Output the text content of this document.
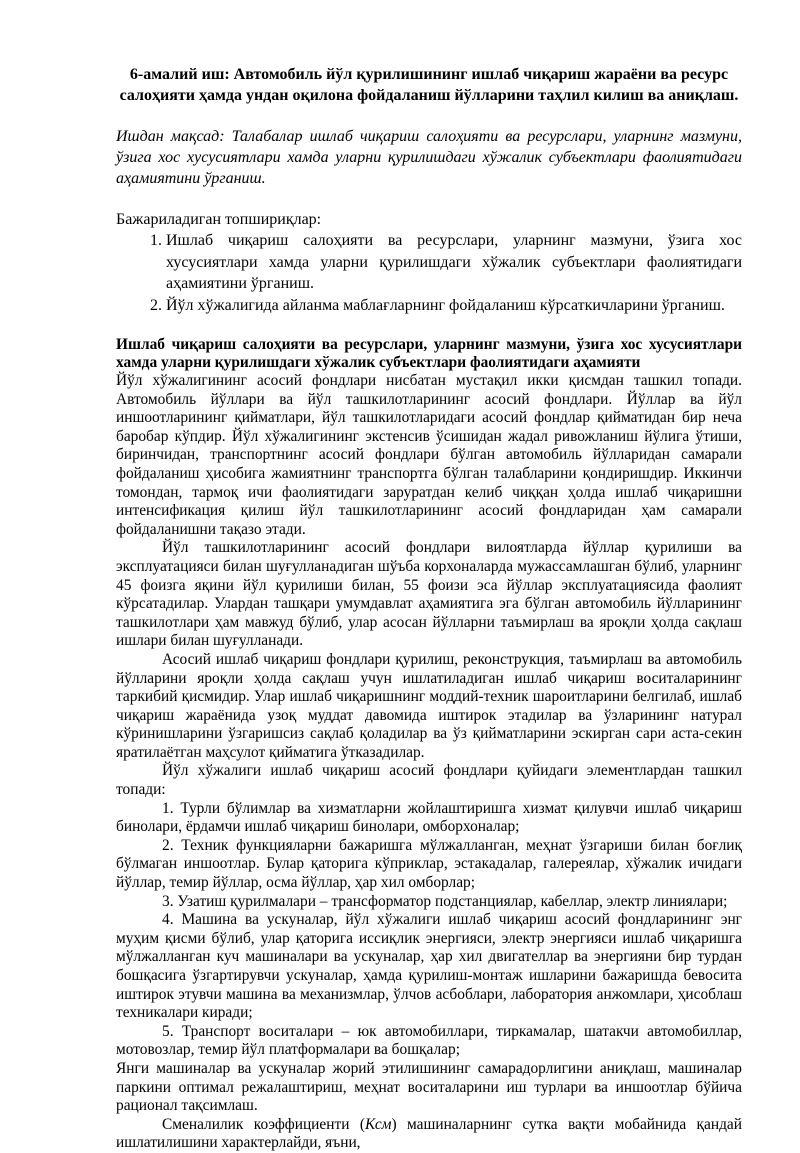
6-амалий иш: Автомобиль йўл қурилишининг ишлаб чиқариш жараёни ва ресурс салоҳияти ҳамда ундан оқилона фойдаланиш йўлларини таҳлил килиш ва аниқлаш.

Ишдан мақсад: Талабалар ишлаб чиқариш салоҳияти ва ресурслари, уларнинг мазмуни, ўзига хос хусусиятлари хамда уларни қурилишдаги хўжалик субъектлари фаолиятидаги аҳамиятини ўрганиш.

Бажариладиган топшириқлар:

1. Ишлаб чиқариш салоҳияти ва ресурслари, уларнинг мазмуни, ўзига хос хусусиятлари хамда уларни қурилишдаги хўжалик субъектлари фаолиятидаги аҳамиятини ўрганиш.
2. Йўл хўжалигида айланма маблағларнинг фойдаланиш кўрсаткичларини ўрганиш.

Ишлаб чиқариш салоҳияти ва ресурслари, уларнинг мазмуни, ўзига хос хусусиятлари хамда уларни қурилишдаги хўжалик субъектлари фаолиятидаги аҳамияти

Йўл хўжалигининг асосий фондлари нисбатан мустақил икки қисмдан ташкил топади. Автомобиль йўллари ва йўл ташкилотларининг асосий фондлари. Йўллар ва йўл иншоотларининг қийматлари, йўл ташкилотларидаги асосий фондлар қийматидан бир неча баробар кўпдир. Йўл хўжалигининг экстенсив ўсишидан жадал ривожланиш йўлига ўтиши, биринчидан, транспортнинг асосий фондлари бўлган автомобиль йўлларидан самарали фойдаланиш ҳисобига жамиятнинг транспортга бўлган талабларини қондиришдир. Иккинчи томондан, тармоқ ичи фаолиятидаги заруратдан келиб чиққан ҳолда ишлаб чиқаришни интенсификация қилиш йўл ташкилотларининг асосий фондларидан ҳам самарали фойдаланишни тақазо этади.

Йўл ташкилотларининг асосий фондлари вилоятларда йўллар қурилиши ва эксплуатацияси билан шуғулланадиган шўъба корхоналарда мужассамлашган бўлиб, уларнинг 45 фоизга яқини йўл қурилиши билан, 55 фоизи эса йўллар эксплуатациясида фаолият кўрсатадилар. Улардан ташқари умумдавлат аҳамиятига эга бўлган автомобиль йўлларининг ташкилотлари ҳам мавжуд бўлиб, улар асосан йўлларни таъмирлаш ва яроқли ҳолда сақлаш ишлари билан шуғулланади.

Асосий ишлаб чиқариш фондлари қурилиш, реконструкция, таъмирлаш ва автомобиль йўлларини яроқли ҳолда сақлаш учун ишлатиладиган ишлаб чиқариш воситаларининг таркибий қисмидир. Улар ишлаб чиқаришнинг моддий-техник шароитларини белгилаб, ишлаб чиқариш жараёнида узоқ муддат давомида иштирок этадилар ва ўзларининг натурал кўринишларини ўзгаришсиз сақлаб қоладилар ва ўз қийматларини эскирган сари аста-секин яратилаётган маҳсулот қийматига ўтказадилар.

Йўл хўжалиги ишлаб чиқариш асосий фондлари қуйидаги элементлардан ташкил топади:

1. Турли бўлимлар ва хизматларни жойлаштиришга хизмат қилувчи ишлаб чиқариш бинолари, ёрдамчи ишлаб чиқариш бинолари, омборхоналар;

2. Техник функцияларни бажаришга мўлжалланган, меҳнат ўзгариши билан боғлиқ бўлмаган иншоотлар. Булар қаторига кўприклар, эстакадалар, галереялар, хўжалик ичидаги йўллар, темир йўллар, осма йўллар, ҳар хил омборлар;

3. Узатиш қурилмалари – трансформатор подстанциялар, кабеллар, электр линиялари;

4. Машина ва ускуналар, йўл хўжалиги ишлаб чиқариш асосий фондларининг энг муҳим қисми бўлиб, улар қаторига иссиқлик энергияси, электр энергияси ишлаб чиқаришга мўлжалланган куч машиналари ва ускуналар, ҳар хил двигателлар ва энергияни бир турдан бошқасига ўзгартирувчи ускуналар, ҳамда қурилиш-монтаж ишларини бажаришда бевосита иштирок этувчи машина ва механизмлар, ўлчов асбоблари, лаборатория анжомлари, ҳисоблаш техникалари киради;

5. Транспорт воситалари – юк автомобиллари, тиркамалар, шатакчи автомобиллар, мотовозлар, темир йўл платформалари ва бошқалар;

Янги машиналар ва ускуналар жорий этилишининг самарадорлигини аниқлаш, машиналар паркини оптимал режалаштириш, меҳнат воситаларини иш турлари ва иншоотлар бўйича рационал тақсимлаш.

Сменалилик коэффициенти (Ксм) машиналарнинг сутка вақти мобайнида қандай ишлатилишини характерлайди, яъни,
